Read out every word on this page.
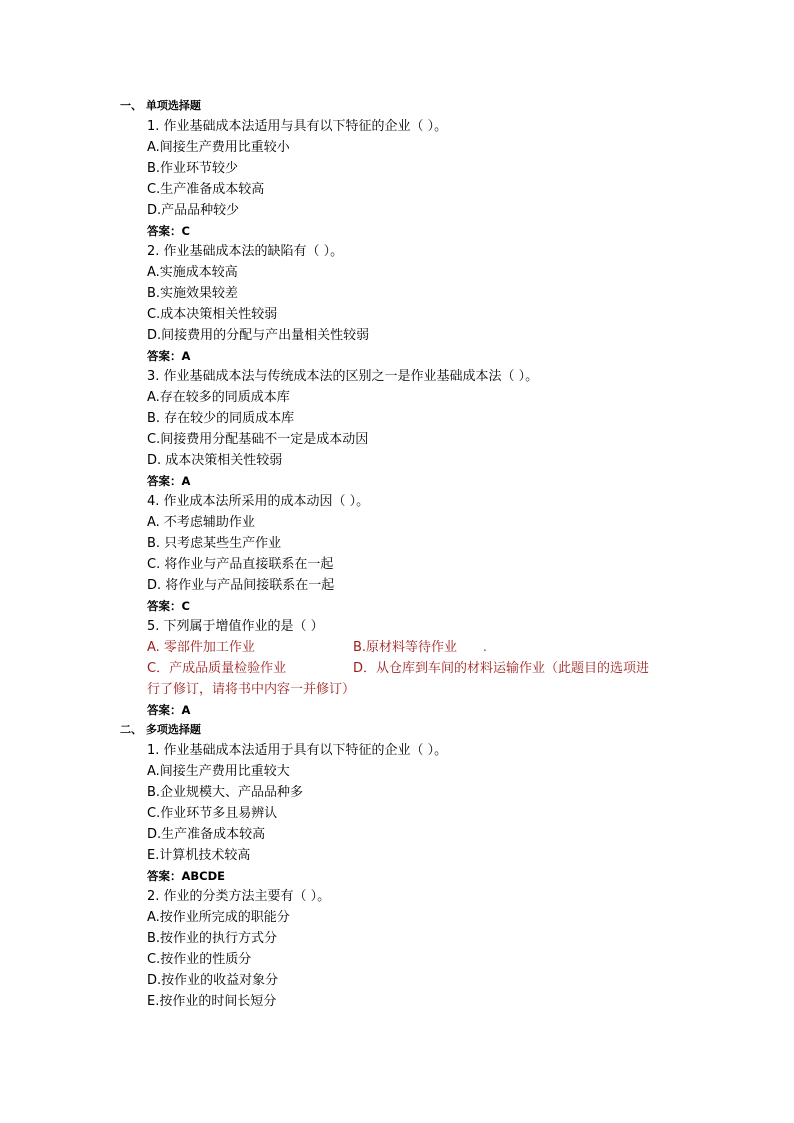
一、 单项选择题
1. 作业基础成本法适用与具有以下特征的企业（ ）。
A.间接生产费用比重较小
B.作业环节较少
C.生产准备成本较高
D.产品品种较少
答案：C
2. 作业基础成本法的缺陷有（ ）。
A.实施成本较高
B.实施效果较差
C.成本决策相关性较弱
D.间接费用的分配与产出量相关性较弱
答案：A
3. 作业基础成本法与传统成本法的区别之一是作业基础成本法（ ）。
A.存在较多的同质成本库
B. 存在较少的同质成本库
C.间接费用分配基础不一定是成本动因
D. 成本决策相关性较弱
答案：A
4. 作业成本法所采用的成本动因（ ）。
A. 不考虑辅助作业
B. 只考虑某些生产作业
C. 将作业与产品直接联系在一起
D. 将作业与产品间接联系在一起
答案：C
5. 下列属于增值作业的是（ ）
A. 零部件加工作业	B.原材料等待作业 .
C．产成品质量检验作业	D．从仓库到车间的材料运输作业（此题目的选项进
行了修订，请将书中内容一并修订）
答案：A
二、 多项选择题
1. 作业基础成本法适用于具有以下特征的企业（ ）。
A.间接生产费用比重较大
B.企业规模大、产品品种多
C.作业环节多且易辨认
D.生产准备成本较高
E.计算机技术较高
答案：ABCDE
2. 作业的分类方法主要有（ ）。
A.按作业所完成的职能分
B.按作业的执行方式分
C.按作业的性质分
D.按作业的收益对象分
E.按作业的时间长短分
